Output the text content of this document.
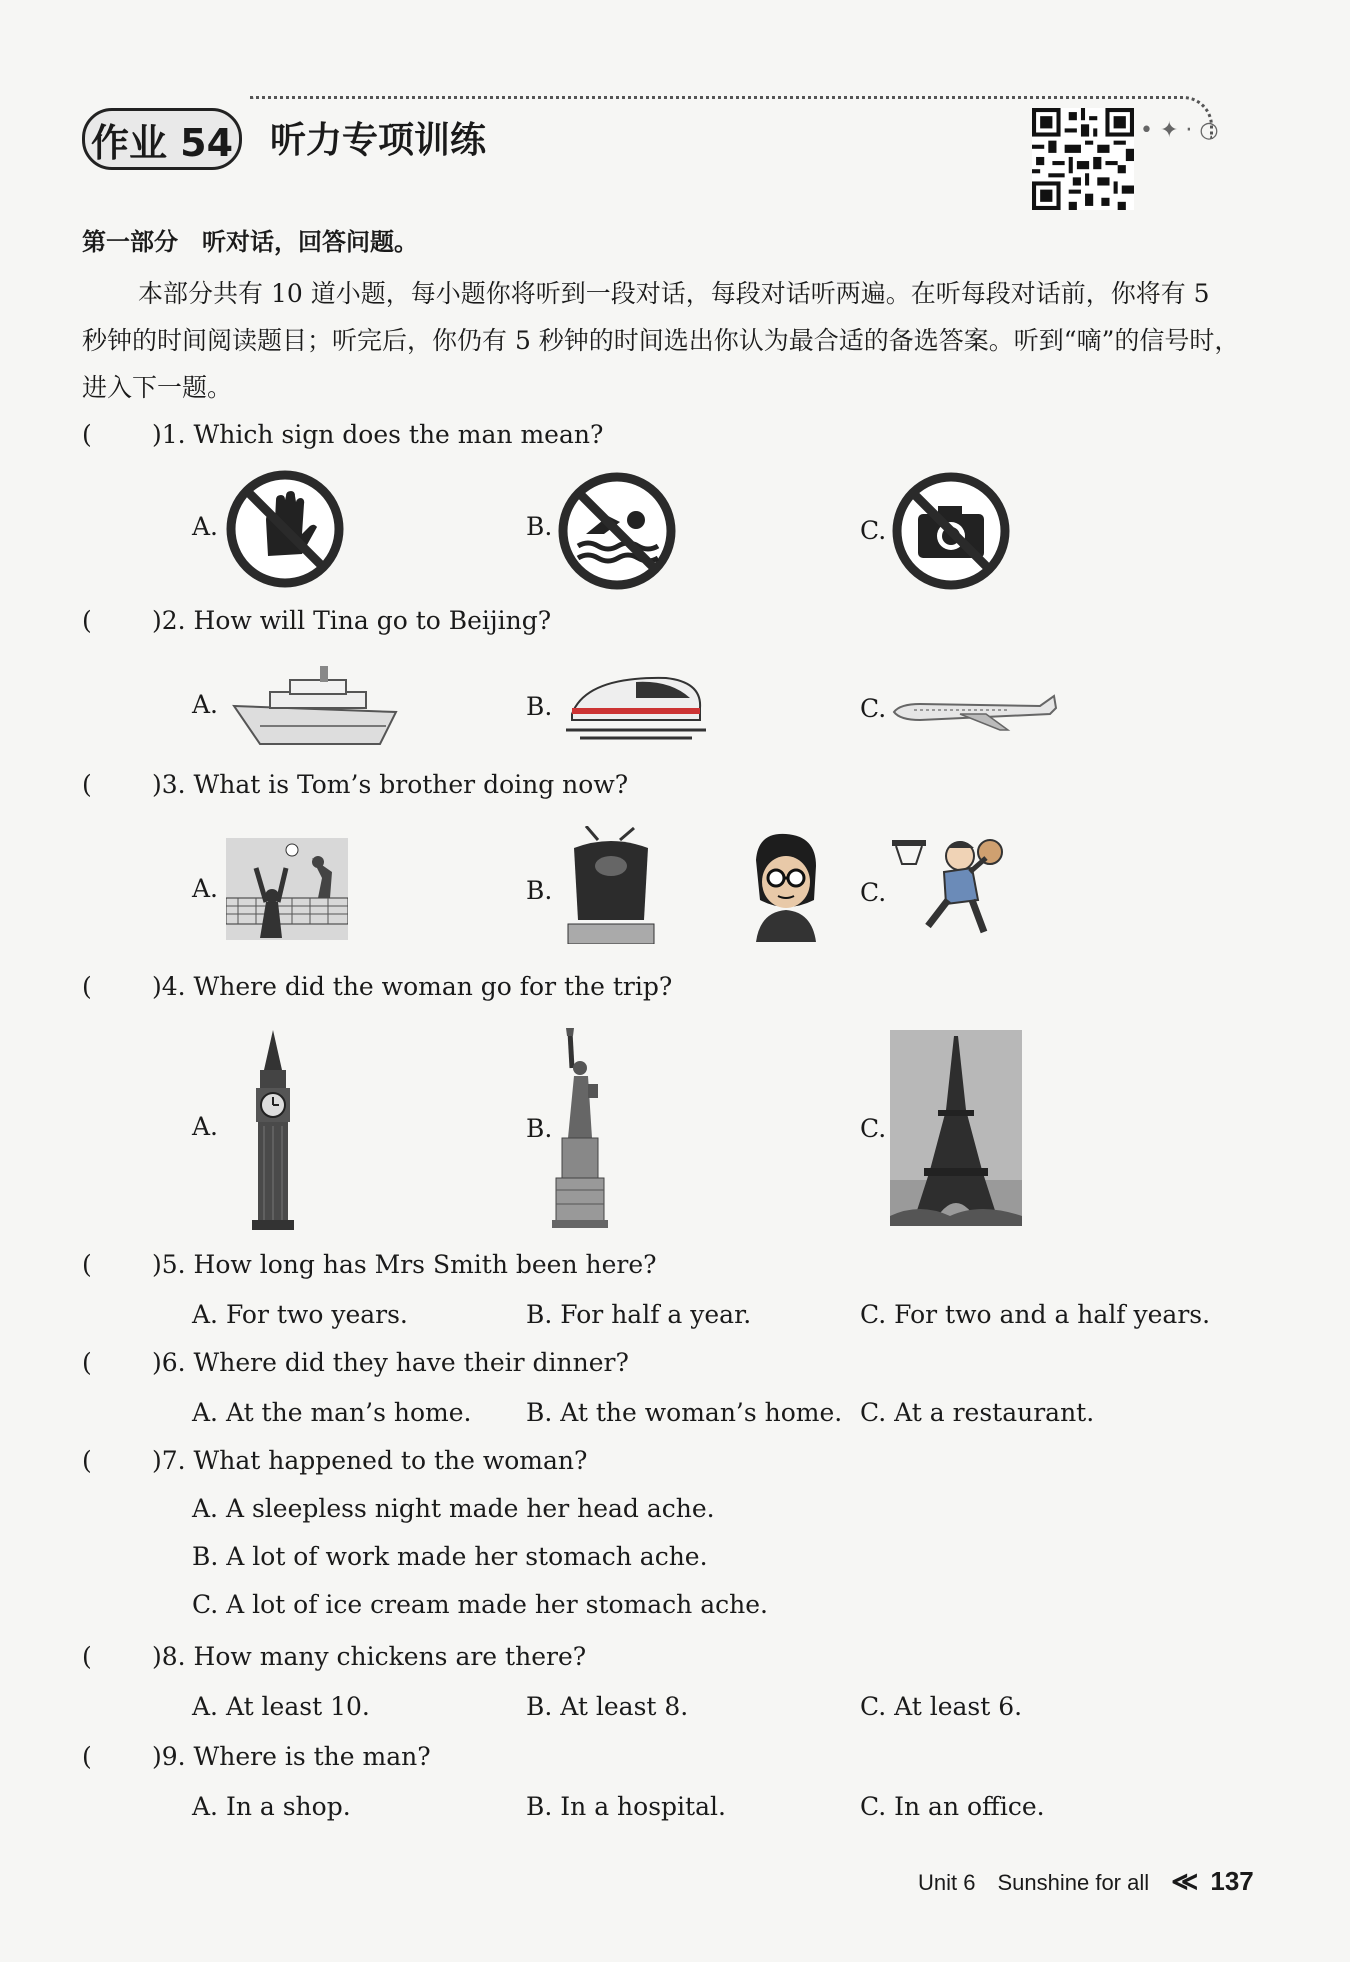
作业 54 听力专项训练	• ✦ · ○
第一部分　听对话，回答问题。
本部分共有 10 道小题，每小题你将听到一段对话，每段对话听两遍。在听每段对话前，你将有 5 秒钟的时间阅读题目；听完后，你仍有 5 秒钟的时间选出你认为最合适的备选答案。听到“嘀”的信号时，进入下一题。
( )1. Which sign does the man mean?
A.	B.	C.
( )2. How will Tina go to Beijing?
A.	B.	C.
( )3. What is Tom’s brother doing now?
A.	B.	C.
( )4. Where did the woman go for the trip?
A.	B.	C.
( )5. How long has Mrs Smith been here?
A. For two years.	B. For half a year.	C. For two and a half years.
( )6. Where did they have their dinner?
A. At the man’s home. B. At the woman’s home. C. At a restaurant.
( )7. What happened to the woman?
A. A sleepless night made her head ache.
B. A lot of work made her stomach ache.
C. A lot of ice cream made her stomach ache.
( )8. How many chickens are there?
A. At least 10.	B. At least 8.	C. At least 6.
( )9. Where is the man?
A. In a shop.	B. In a hospital.	C. In an office.
Unit 6 Sunshine for all ≪ 137
